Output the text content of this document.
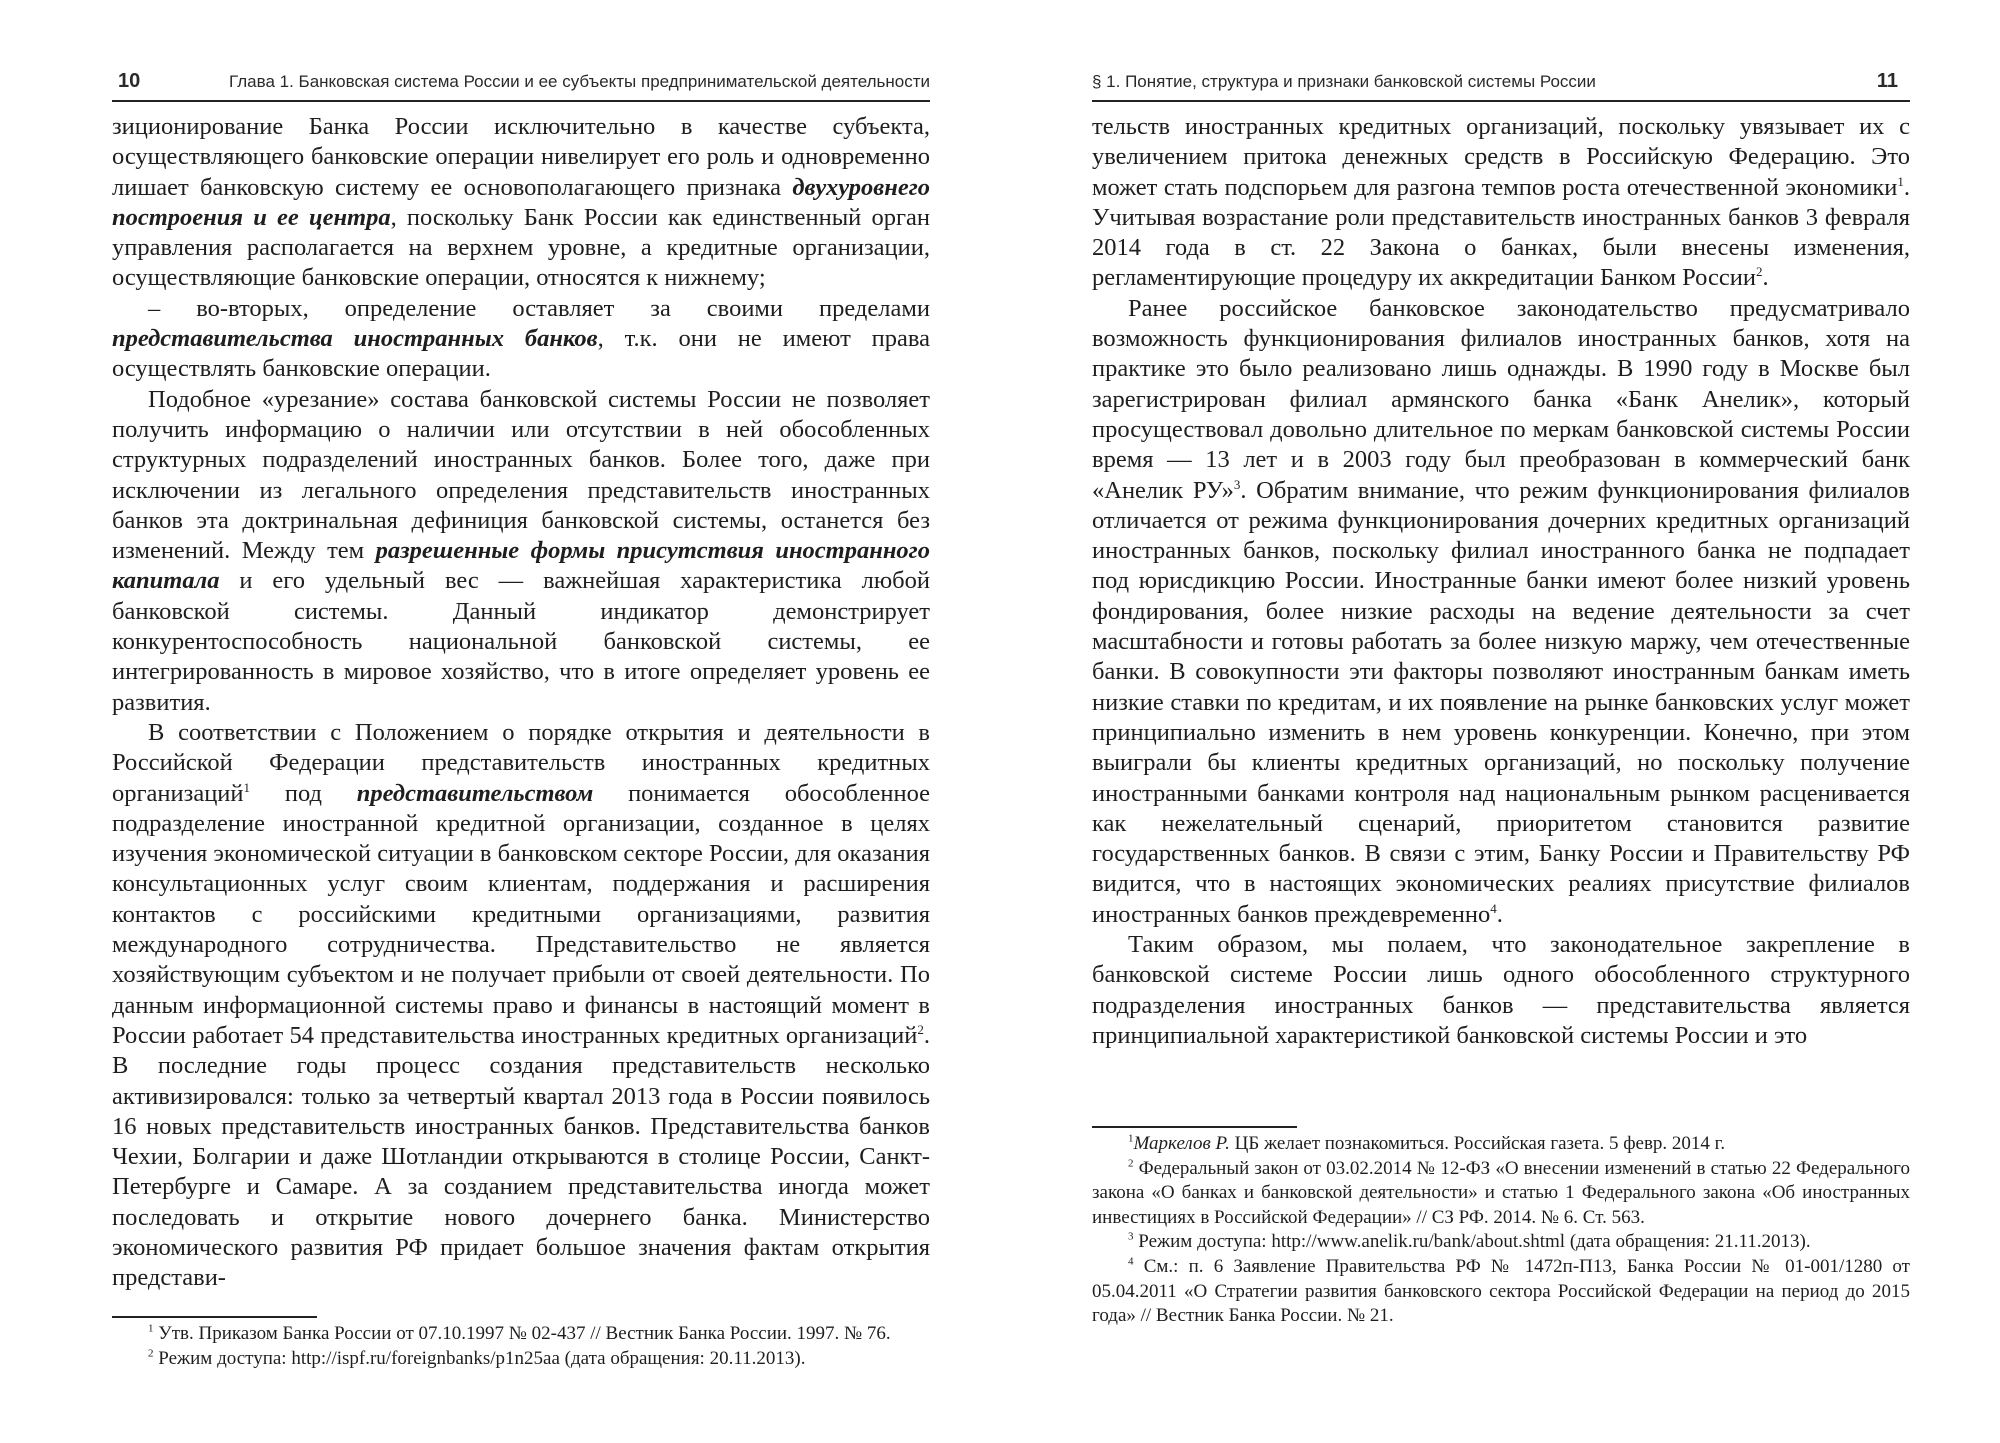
10	Глава 1. Банковская система России и ее субъекты предпринимательской деятельности

зиционирование Банка России исключительно в качестве субъекта, осуществляющего банковские операции нивелирует его роль и одновременно лишает банковскую систему ее основополагающего признака двухуровнего построения и ее центра, поскольку Банк России как единственный орган управления располагается на верхнем уровне, а кредитные организации, осуществляющие банковские операции, относятся к нижнему;

– во-вторых, определение оставляет за своими пределами представительства иностранных банков, т.к. они не имеют права осуществлять банковские операции.

Подобное «урезание» состава банковской системы России не позволяет получить информацию о наличии или отсутствии в ней обособленных структурных подразделений иностранных банков. Более того, даже при исключении из легального определения представительств иностранных банков эта доктринальная дефиниция банковской системы, останется без изменений. Между тем разрешенные формы присутствия иностранного капитала и его удельный вес — важнейшая характеристика любой банковской системы. Данный индикатор демонстрирует конкурентоспособность национальной банковской системы, ее интегрированность в мировое хозяйство, что в итоге определяет уровень ее развития.

В соответствии с Положением о порядке открытия и деятельности в Российской Федерации представительств иностранных кредитных организаций$^1$ под представительством понимается обособленное подразделение иностранной кредитной организации, созданное в целях изучения экономической ситуации в банковском секторе России, для оказания консультационных услуг своим клиентам, поддержания и расширения контактов с российскими кредитными организациями, развития международного сотрудничества. Представительство не является хозяйствующим субъектом и не получает прибыли от своей деятельности. По данным информационной системы право и финансы в настоящий момент в России работает 54 представительства иностранных кредитных организаций$^2$. В последние годы процесс создания представительств несколько активизировался: только за четвертый квартал 2013 года в России появилось 16 новых представительств иностранных банков. Представительства банков Чехии, Болгарии и даже Шотландии открываются в столице России, Санкт-Петербурге и Самаре. А за созданием представительства иногда может последовать и открытие нового дочернего банка. Министерство экономического развития РФ придает большое значения фактам открытия представи-

$^1$ Утв. Приказом Банка России от 07.10.1997 № 02-437 // Вестник Банка России. 1997. № 76.

$^2$ Режим доступа: http://ispf.ru/foreignbanks/p1n25aa (дата обращения: 20.11.2013).

§ 1. Понятие, структура и признаки банковской системы России	11

тельств иностранных кредитных организаций, поскольку увязывает их с увеличением притока денежных средств в Российскую Федерацию. Это может стать подспорьем для разгона темпов роста отечественной экономики$^1$. Учитывая возрастание роли представительств иностранных банков 3 февраля 2014 года в ст. 22 Закона о банках, были внесены изменения, регламентирующие процедуру их аккредитации Банком России$^2$.

Ранее российское банковское законодательство предусматривало возможность функционирования филиалов иностранных банков, хотя на практике это было реализовано лишь однажды. В 1990 году в Москве был зарегистрирован филиал армянского банка «Банк Анелик», который просуществовал довольно длительное по меркам банковской системы России время — 13 лет и в 2003 году был преобразован в коммерческий банк «Анелик РУ»$^3$. Обратим внимание, что режим функционирования филиалов отличается от режима функционирования дочерних кредитных организаций иностранных банков, поскольку филиал иностранного банка не подпадает под юрисдикцию России. Иностранные банки имеют более низкий уровень фондирования, более низкие расходы на ведение деятельности за счет масштабности и готовы работать за более низкую маржу, чем отечественные банки. В совокупности эти факторы позволяют иностранным банкам иметь низкие ставки по кредитам, и их появление на рынке банковских услуг может принципиально изменить в нем уровень конкуренции. Конечно, при этом выиграли бы клиенты кредитных организаций, но поскольку получение иностранными банками контроля над национальным рынком расценивается как нежелательный сценарий, приоритетом становится развитие государственных банков. В связи с этим, Банку России и Правительству РФ видится, что в настоящих экономических реалиях присутствие филиалов иностранных банков преждевременно$^4$.

Таким образом, мы полаем, что законодательное закрепление в банковской системе России лишь одного обособленного структурного подразделения иностранных банков — представительства является принципиальной характеристикой банковской системы России и это

$^1$Маркелов Р. ЦБ желает познакомиться. Российская газета. 5 февр. 2014 г.

$^2$ Федеральный закон от 03.02.2014 № 12-ФЗ «О внесении изменений в статью 22 Федерального закона «О банках и банковской деятельности» и статью 1 Федерального закона «Об иностранных инвестициях в Российской Федерации» // СЗ РФ. 2014. № 6. Ст. 563.

$^3$ Режим доступа: http://www.anelik.ru/bank/about.shtml (дата обращения: 21.11.2013).

$^4$ См.: п. 6 Заявление Правительства РФ № 1472п-П13, Банка России № 01-001/1280 от 05.04.2011 «О Стратегии развития банковского сектора Российской Федерации на период до 2015 года» // Вестник Банка России. № 21.
